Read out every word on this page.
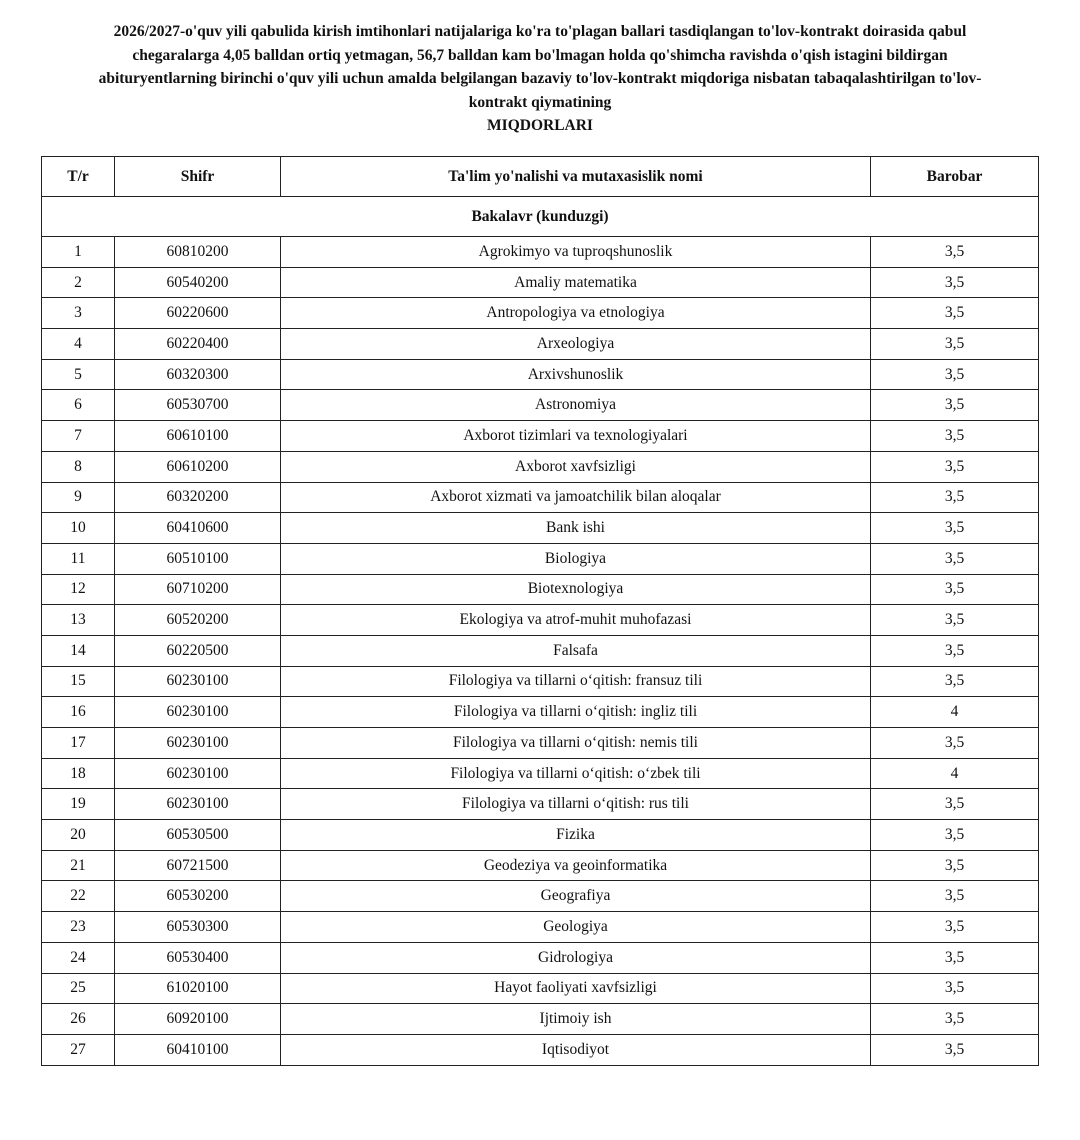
2026/2027-o'quv yili qabulida kirish imtihonlari natijalariga ko'ra to'plagan ballari tasdiqlangan to'lov-kontrakt doirasida qabul
chegaralarga 4,05 balldan ortiq yetmagan, 56,7 balldan kam bo'lmagan holda qo'shimcha ravishda o'qish istagini bildirgan
abituryentlarning birinchi o'quv yili uchun amalda belgilangan bazaviy to'lov-kontrakt miqdoriga nisbatan tabaqalashtirilgan to'lov-
kontrakt qiymatining
MIQDORLARI
T/r	Shifr	Ta'lim yo'nalishi va mutaxasislik nomi	Barobar
Bakalavr (kunduzgi)			
1	60810200	Agrokimyo va tuproqshunoslik	3,5
2	60540200	Amaliy matematika	3,5
3	60220600	Antropologiya va etnologiya	3,5
4	60220400	Arxeologiya	3,5
5	60320300	Arxivshunoslik	3,5
6	60530700	Astronomiya	3,5
7	60610100	Axborot tizimlari va texnologiyalari	3,5
8	60610200	Axborot xavfsizligi	3,5
9	60320200	Axborot xizmati va jamoatchilik bilan aloqalar	3,5
10	60410600	Bank ishi	3,5
11	60510100	Biologiya	3,5
12	60710200	Biotexnologiya	3,5
13	60520200	Ekologiya va atrof-muhit muhofazasi	3,5
14	60220500	Falsafa	3,5
15	60230100	Filologiya va tillarni o‘qitish: fransuz tili	3,5
16	60230100	Filologiya va tillarni o‘qitish: ingliz tili	4
17	60230100	Filologiya va tillarni o‘qitish: nemis tili	3,5
18	60230100	Filologiya va tillarni o‘qitish: o‘zbek tili	4
19	60230100	Filologiya va tillarni o‘qitish: rus tili	3,5
20	60530500	Fizika	3,5
21	60721500	Geodeziya va geoinformatika	3,5
22	60530200	Geografiya	3,5
23	60530300	Geologiya	3,5
24	60530400	Gidrologiya	3,5
25	61020100	Hayot faoliyati xavfsizligi	3,5
26	60920100	Ijtimoiy ish	3,5
27	60410100	Iqtisodiyot	3,5
